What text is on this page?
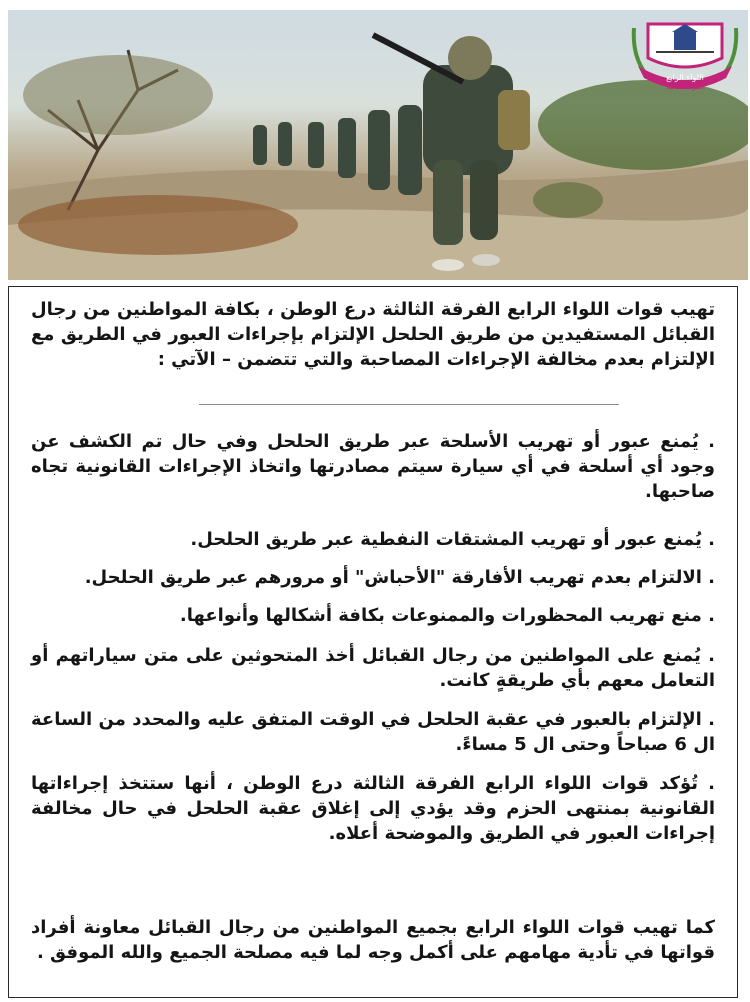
اللواء الرابع
الفرقة الثالثة
تهيب قوات اللواء الرابع الفرقة الثالثة درع الوطن ، بكافة المواطنين من رجال القبائل المستفيدين من طريق الحلحل الإلتزام بإجراءات العبور في الطريق مع الإلتزام بعدم مخالفة الإجراءات المصاحبة والتي تتضمن – الآتي :
. يُمنع عبور أو تهريب الأسلحة عبر طريق الحلحل وفي حال تم الكشف عن وجود أي أسلحة في أي سيارة سيتم مصادرتها واتخاذ الإجراءات القانونية تجاه صاحبها.
. يُمنع عبور أو تهريب المشتقات النفطية عبر طريق الحلحل.
. الالتزام بعدم تهريب الأفارقة "الأحباش" أو مرورهم عبر طريق الحلحل.
. منع تهريب المحظورات والممنوعات بكافة أشكالها وأنواعها.
. يُمنع على المواطنين من رجال القبائل أخذ المتحوثين على متن سياراتهم أو التعامل معهم بأي طريقةٍ كانت.
. الإلتزام بالعبور في عقبة الحلحل في الوقت المتفق عليه والمحدد من الساعة ال 6 صباحاً وحتى ال 5 مساءً.
. تُؤكد قوات اللواء الرابع الفرقة الثالثة درع الوطن ، أنها ستتخذ إجراءاتها القانونية بمنتهى الحزم وقد يؤدي إلى إغلاق عقبة الحلحل في حال مخالفة إجراءات العبور في الطريق والموضحة أعلاه.
كما تهيب قوات اللواء الرابع بجميع المواطنين من رجال القبائل معاونة أفراد قواتها في تأدية مهامهم على أكمل وجه لما فيه مصلحة الجميع والله الموفق .
